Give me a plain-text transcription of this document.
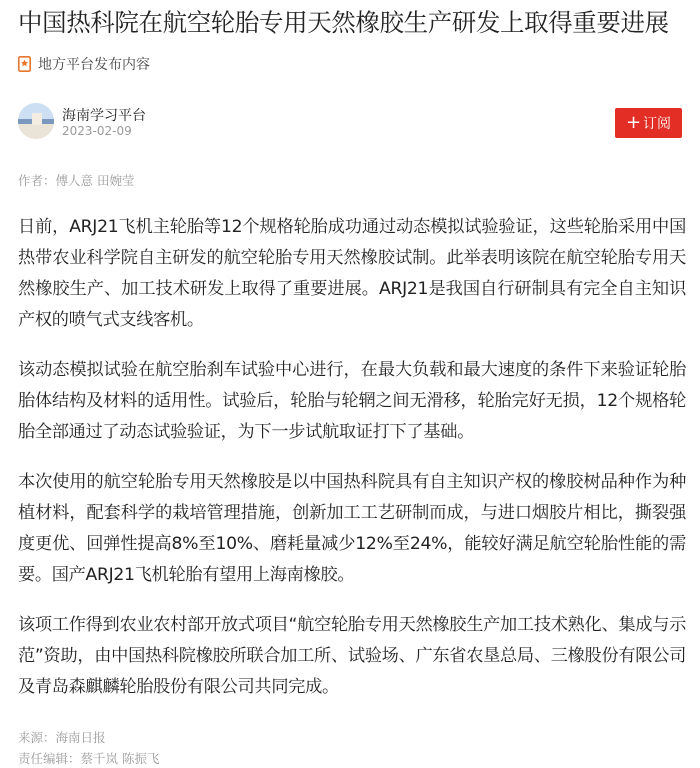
中国热科院在航空轮胎专用天然橡胶生产研发上取得重要进展
地方平台发布内容
海南学习平台
2023-02-09	+ 订阅
作者：傅人意 田婉莹

日前，ARJ21飞机主轮胎等12个规格轮胎成功通过动态模拟试验验证，这些轮胎采用中国热带农业科学院自主研发的航空轮胎专用天然橡胶试制。此举表明该院在航空轮胎专用天然橡胶生产、加工技术研发上取得了重要进展。ARJ21是我国自行研制具有完全自主知识产权的喷气式支线客机。

该动态模拟试验在航空胎刹车试验中心进行，在最大负载和最大速度的条件下来验证轮胎胎体结构及材料的适用性。试验后，轮胎与轮辋之间无滑移，轮胎完好无损，12个规格轮胎全部通过了动态试验验证，为下一步试航取证打下了基础。

本次使用的航空轮胎专用天然橡胶是以中国热科院具有自主知识产权的橡胶树品种作为种植材料，配套科学的栽培管理措施，创新加工工艺研制而成，与进口烟胶片相比，撕裂强度更优、回弹性提高8%至10%、磨耗量减少12%至24%，能较好满足航空轮胎性能的需要。国产ARJ21飞机轮胎有望用上海南橡胶。

该项工作得到农业农村部开放式项目“航空轮胎专用天然橡胶生产加工技术熟化、集成与示范”资助，由中国热科院橡胶所联合加工所、试验场、广东省农垦总局、三橡股份有限公司及青岛森麒麟轮胎股份有限公司共同完成。

来源：海南日报
责任编辑：蔡千岚 陈振飞
